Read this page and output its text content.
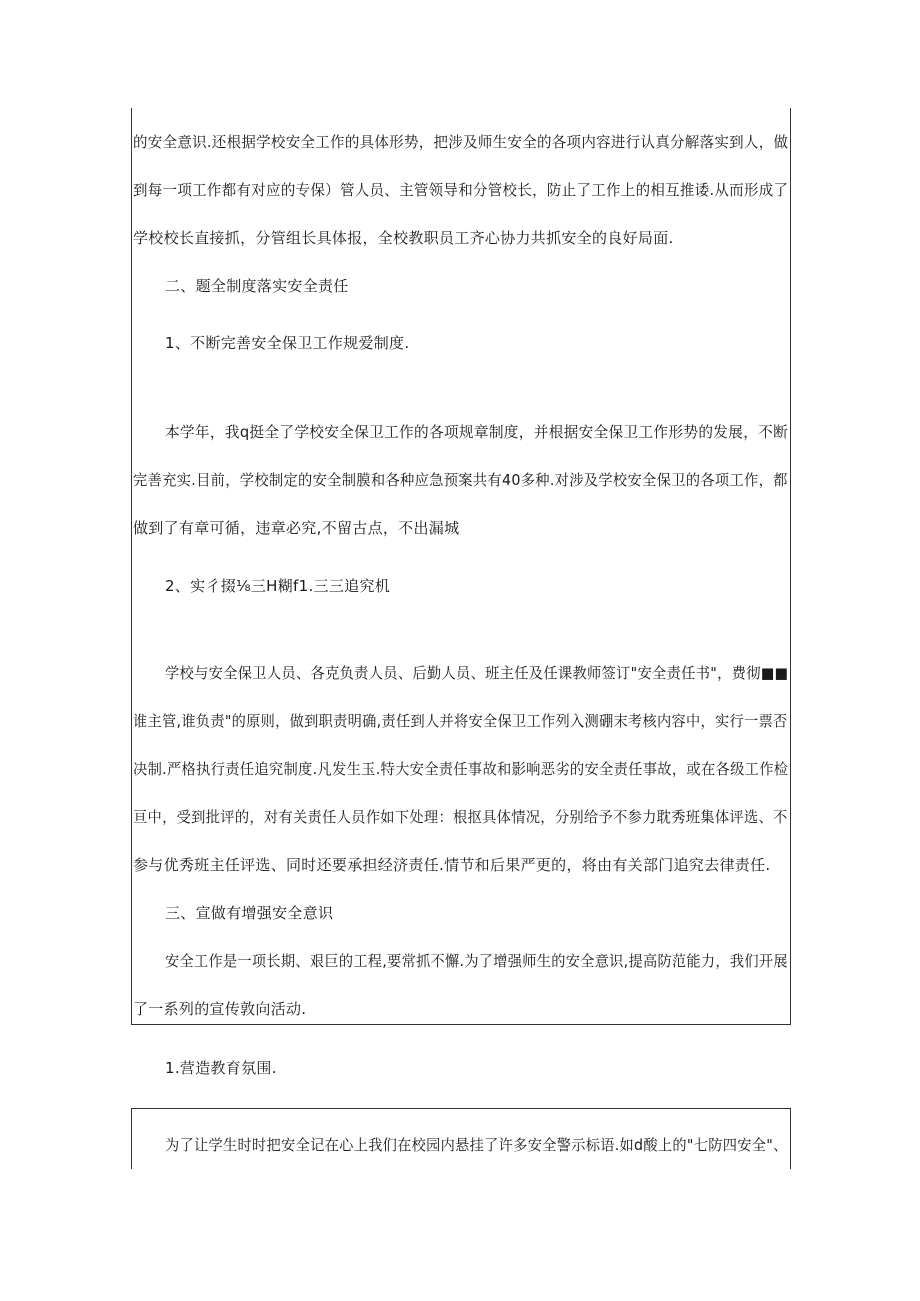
的安全意识.还根据学校安全工作的具体形势，把涉及师生安全的各项内容进行认真分解落实到人，做
到每一项工作都有对应的专保）管人员、主管领导和分管校长，防止了工作上的相互推诿.从而形成了
学校校长直接抓，分管组长具体报，全校教职员工齐心协力共抓安全的良好局面.
二、题全制度落实安全责任
1、不断完善安全保卫工作规爱制度.
本学年，我q挺全了学校安全保卫工作的各项规章制度，并根据安全保卫工作形势的发展，不断
完善充实.目前，学校制定的安全制膜和各种应急预案共有40多种.对涉及学校安全保卫的各项工作，都
做到了有章可循，违章必究,不留古点，不出漏城
2、实彳掇⅛三H糊f1.三三追究机
学校与安全保卫人员、各克负责人员、后勤人员、班主任及任课教师签订"安全责任书"，费彻■■
谁主管,谁负责"的原则，做到职责明确,责任到人并将安全保卫工作列入测硼末考核内容中，实行一票否
决制.严格执行责任追究制度.凡发生玉.特大安全责任事故和影响恶劣的安全责任事故，或在各级工作检
亘中，受到批评的，对有关责任人员作如下处理：根抠具体情况，分别给予不参力耽秀班集体评选、不
参与优秀班主任评选、同时还要承担经济责任.情节和后果严更的，将由有关部门追究去律责任.
三、宣做有增强安全意识
安全工作是一项长期、艰巨的工程,要常抓不懈.为了增强师生的安全意识,提高防范能力，我们开展
了一系列的宣传敦向活动.
1.营造教育氛围.
为了让学生时时把安全记在心上我们在校园内悬挂了许多安全警示标语.如d酸上的"七防四安全"、
